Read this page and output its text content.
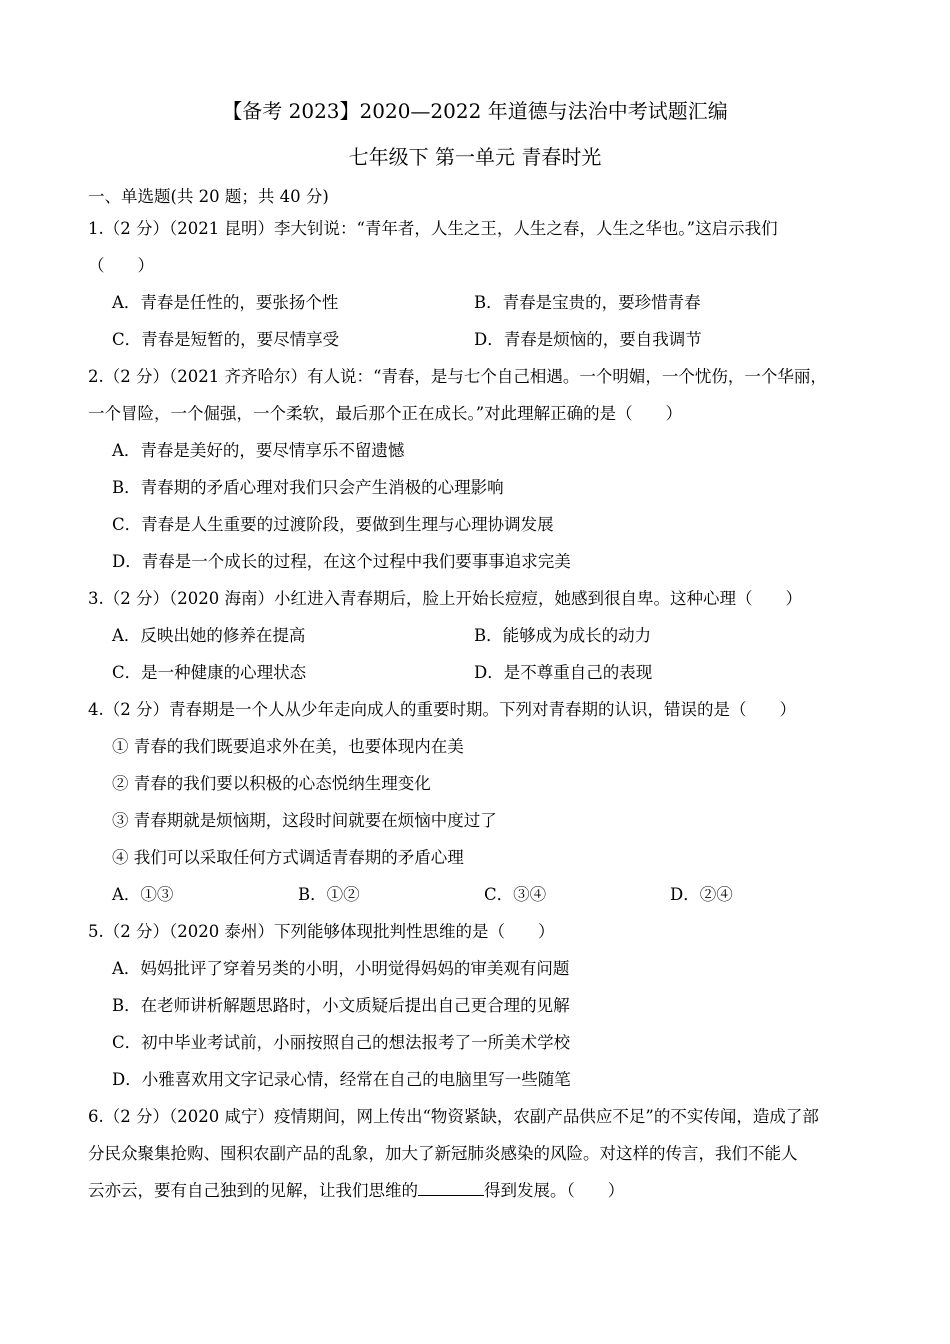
【备考 2023】2020—2022 年道德与法治中考试题汇编
七年级下 第一单元 青春时光
一、单选题(共 20 题；共 40 分)
1.（2 分）（2021 昆明）李大钊说：“青年者，人生之王，人生之春，人生之华也。”这启示我们
（　　）
A．青春是任性的，要张扬个性	B．青春是宝贵的，要珍惜青春
C．青春是短暂的，要尽情享受	D．青春是烦恼的，要自我调节
2.（2 分）（2021 齐齐哈尔）有人说：“青春，是与七个自己相遇。一个明媚，一个忧伤，一个华丽，
一个冒险，一个倔强，一个柔软，最后那个正在成长。”对此理解正确的是（　　）
A．青春是美好的，要尽情享乐不留遗憾
B．青春期的矛盾心理对我们只会产生消极的心理影响
C．青春是人生重要的过渡阶段，要做到生理与心理协调发展
D．青春是一个成长的过程，在这个过程中我们要事事追求完美
3.（2 分）（2020 海南）小红进入青春期后，脸上开始长痘痘，她感到很自卑。这种心理（　　）
A．反映出她的修养在提高	B．能够成为成长的动力
C．是一种健康的心理状态	D．是不尊重自己的表现
4.（2 分）青春期是一个人从少年走向成人的重要时期。下列对青春期的认识，错误的是（　　）
① 青春的我们既要追求外在美，也要体现内在美
② 青春的我们要以积极的心态悦纳生理变化
③ 青春期就是烦恼期，这段时间就要在烦恼中度过了
④ 我们可以采取任何方式调适青春期的矛盾心理
A．①③	B．①②	C．③④	D．②④
5.（2 分）（2020 泰州）下列能够体现批判性思维的是（　　）
A．妈妈批评了穿着另类的小明，小明觉得妈妈的审美观有问题
B．在老师讲析解题思路时，小文质疑后提出自己更合理的见解
C．初中毕业考试前，小丽按照自己的想法报考了一所美术学校
D．小雅喜欢用文字记录心情，经常在自己的电脑里写一些随笔
6.（2 分）（2020 咸宁）疫情期间，网上传出“物资紧缺，农副产品供应不足”的不实传闻，造成了部
分民众聚集抢购、囤积农副产品的乱象，加大了新冠肺炎感染的风险。对这样的传言，我们不能人
云亦云，要有自己独到的见解，让我们思维的	得到发展。（　　）
